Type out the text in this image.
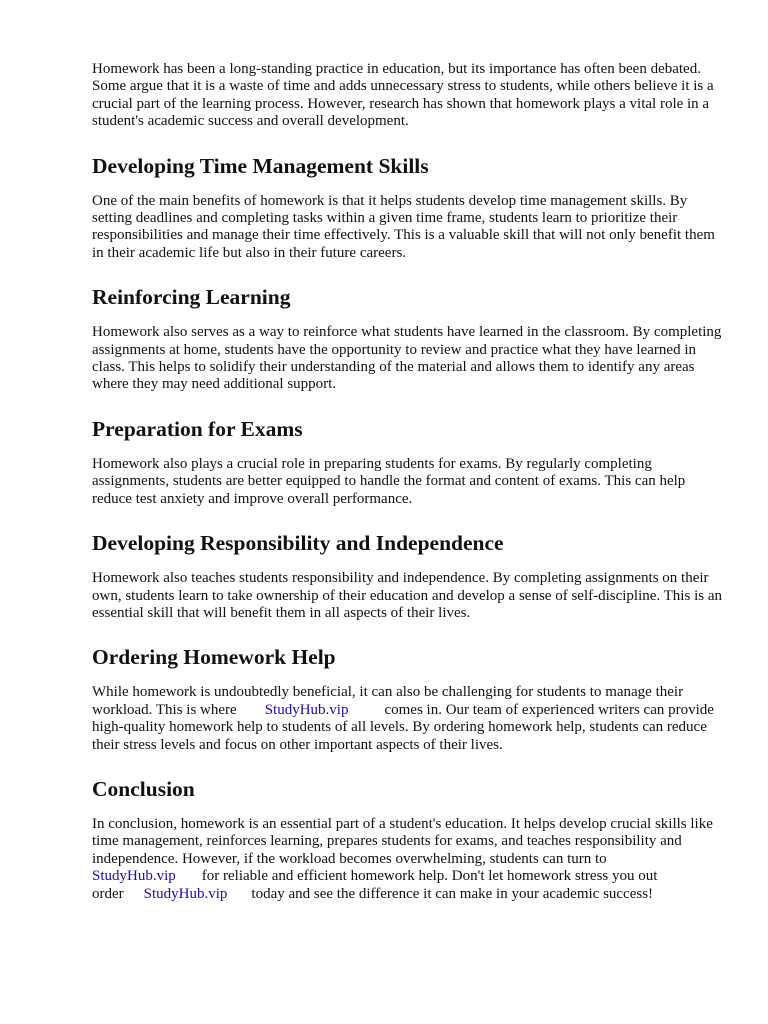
Homework has been a long-standing practice in education, but its importance has often been debated. Some argue that it is a waste of time and adds unnecessary stress to students, while others believe it is a crucial part of the learning process. However, research has shown that homework plays a vital role in a student's academic success and overall development.

Developing Time Management Skills

One of the main benefits of homework is that it helps students develop time management skills. By setting deadlines and completing tasks within a given time frame, students learn to prioritize their responsibilities and manage their time effectively. This is a valuable skill that will not only benefit them in their academic life but also in their future careers.

Reinforcing Learning

Homework also serves as a way to reinforce what students have learned in the classroom. By completing assignments at home, students have the opportunity to review and practice what they have learned in class. This helps to solidify their understanding of the material and allows them to identify any areas where they may need additional support.

Preparation for Exams

Homework also plays a crucial role in preparing students for exams. By regularly completing assignments, students are better equipped to handle the format and content of exams. This can help reduce test anxiety and improve overall performance.

Developing Responsibility and Independence

Homework also teaches students responsibility and independence. By completing assignments on their own, students learn to take ownership of their education and develop a sense of self-discipline. This is an essential skill that will benefit them in all aspects of their lives.

Ordering Homework Help
While homework is undoubtedly beneficial, it can also be challenging for students to manage their
workload. This is where StudyHub.vip comes in. Our team of experienced writers can provide
high-quality homework help to students of all levels. By ordering homework help, students can reduce their stress levels and focus on other important aspects of their lives.
Conclusion
In conclusion, homework is an essential part of a student's education. It helps develop crucial skills like time management, reinforces learning, prepares students for exams, and teaches responsibility and independence. However, if the workload becomes overwhelming, students can turn to
StudyHub.vip for reliable and efficient homework help. Don't let homework stress you out
order StudyHub.vip today and see the difference it can make in your academic success!
